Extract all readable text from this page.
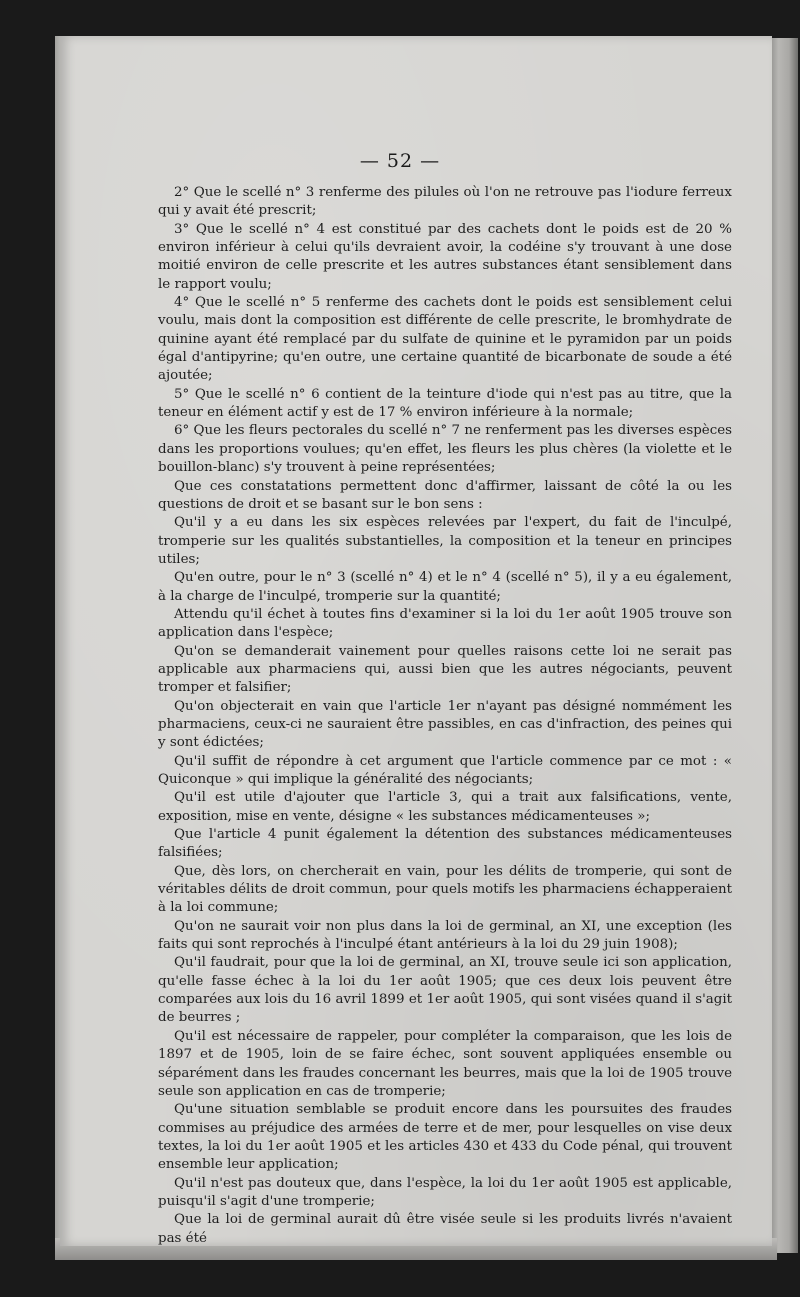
— 52 —

2° Que le scellé n° 3 renferme des pilules où l'on ne retrouve pas l'iodure ferreux qui y avait été prescrit;

3° Que le scellé n° 4 est constitué par des cachets dont le poids est de 20 % environ inférieur à celui qu'ils devraient avoir, la codéine s'y trouvant à une dose moitié environ de celle prescrite et les autres substances étant sensiblement dans le rapport voulu;

4° Que le scellé n° 5 renferme des cachets dont le poids est sensiblement celui voulu, mais dont la composition est différente de celle prescrite, le bromhydrate de quinine ayant été remplacé par du sulfate de quinine et le pyramidon par un poids égal d'antipyrine; qu'en outre, une certaine quantité de bicarbonate de soude a été ajoutée;

5° Que le scellé n° 6 contient de la teinture d'iode qui n'est pas au titre, que la teneur en élément actif y est de 17 % environ inférieure à la normale;

6° Que les fleurs pectorales du scellé n° 7 ne renferment pas les diverses espèces dans les proportions voulues; qu'en effet, les fleurs les plus chères (la violette et le bouillon-blanc) s'y trouvent à peine représentées;

Que ces constatations permettent donc d'affirmer, laissant de côté la ou les questions de droit et se basant sur le bon sens :

Qu'il y a eu dans les six espèces relevées par l'expert, du fait de l'inculpé, tromperie sur les qualités substantielles, la composition et la teneur en principes utiles;

Qu'en outre, pour le n° 3 (scellé n° 4) et le n° 4 (scellé n° 5), il y a eu également, à la charge de l'inculpé, tromperie sur la quantité;

Attendu qu'il échet à toutes fins d'examiner si la loi du 1er août 1905 trouve son application dans l'espèce;

Qu'on se demanderait vainement pour quelles raisons cette loi ne serait pas applicable aux pharmaciens qui, aussi bien que les autres négociants, peuvent tromper et falsifier;

Qu'on objecterait en vain que l'article 1er n'ayant pas désigné nommément les pharmaciens, ceux-ci ne sauraient être passibles, en cas d'infraction, des peines qui y sont édictées;

Qu'il suffit de répondre à cet argument que l'article commence par ce mot : « Quiconque » qui implique la généralité des négociants;

Qu'il est utile d'ajouter que l'article 3, qui a trait aux falsifications, vente, exposition, mise en vente, désigne « les substances médicamenteuses »;

Que l'article 4 punit également la détention des substances médicamenteuses falsifiées;

Que, dès lors, on chercherait en vain, pour les délits de tromperie, qui sont de véritables délits de droit commun, pour quels motifs les pharmaciens échapperaient à la loi commune;

Qu'on ne saurait voir non plus dans la loi de germinal, an XI, une exception (les faits qui sont reprochés à l'inculpé étant antérieurs à la loi du 29 juin 1908);

Qu'il faudrait, pour que la loi de germinal, an XI, trouve seule ici son application, qu'elle fasse échec à la loi du 1er août 1905; que ces deux lois peuvent être comparées aux lois du 16 avril 1899 et 1er août 1905, qui sont visées quand il s'agit de beurres ;

Qu'il est nécessaire de rappeler, pour compléter la comparaison, que les lois de 1897 et de 1905, loin de se faire échec, sont souvent appliquées ensemble ou séparément dans les fraudes concernant les beurres, mais que la loi de 1905 trouve seule son application en cas de tromperie;

Qu'une situation semblable se produit encore dans les poursuites des fraudes commises au préjudice des armées de terre et de mer, pour lesquelles on vise deux textes, la loi du 1er août 1905 et les articles 430 et 433 du Code pénal, qui trouvent ensemble leur application;

Qu'il n'est pas douteux que, dans l'espèce, la loi du 1er août 1905 est applicable, puisqu'il s'agit d'une tromperie;

Que la loi de germinal aurait dû être visée seule si les produits livrés n'avaient pas été
